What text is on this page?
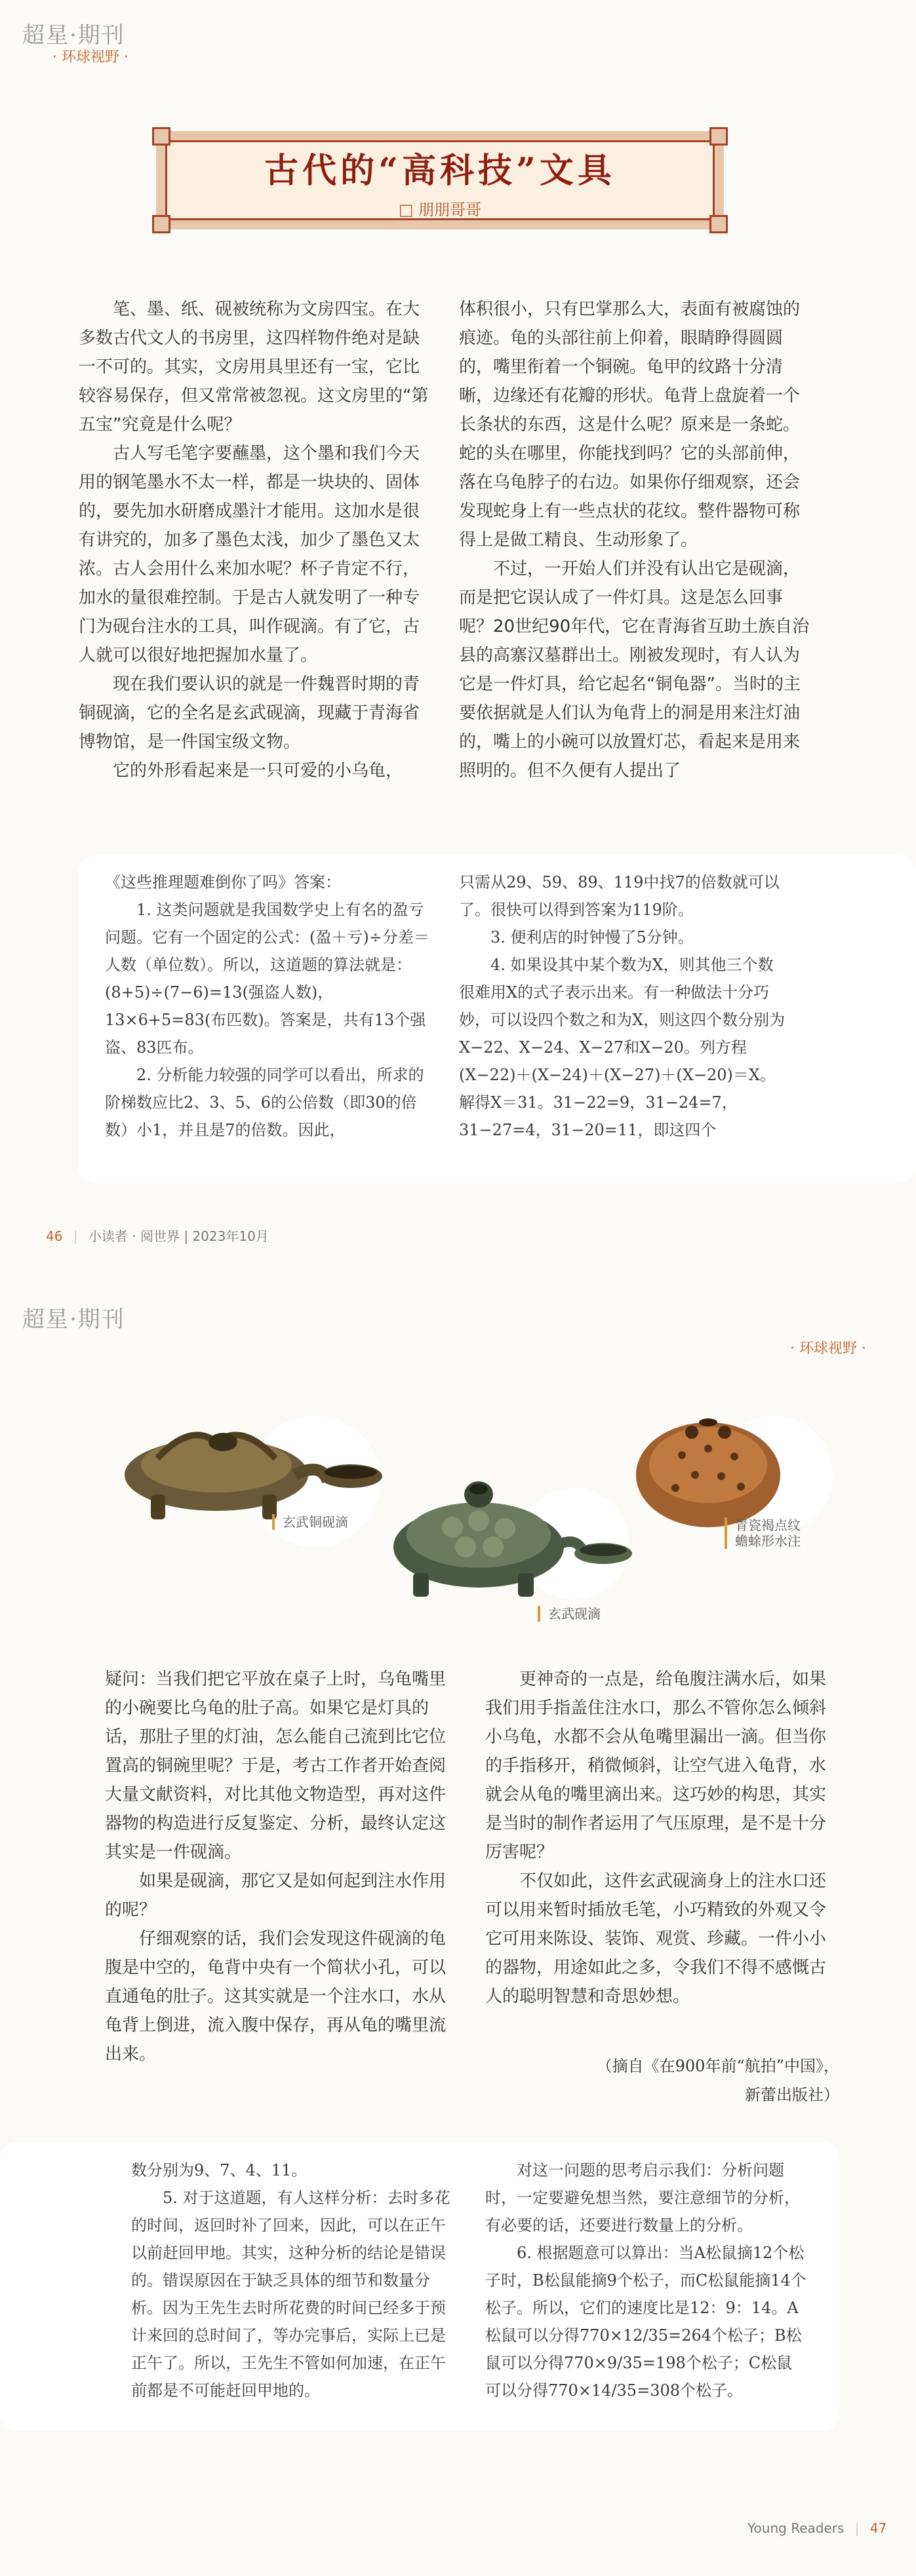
超星·期刊
· 环球视野 ·
古代的“高科技”文具
□ 朋朋哥哥

笔、墨、纸、砚被统称为文房四宝。在大多数古代文人的书房里，这四样物件绝对是缺一不可的。其实，文房用具里还有一宝，它比较容易保存，但又常常被忽视。这文房里的“第五宝”究竟是什么呢？

古人写毛笔字要蘸墨，这个墨和我们今天用的钢笔墨水不太一样，都是一块块的、固体的，要先加水研磨成墨汁才能用。这加水是很有讲究的，加多了墨色太浅，加少了墨色又太浓。古人会用什么来加水呢？杯子肯定不行，加水的量很难控制。于是古人就发明了一种专门为砚台注水的工具，叫作砚滴。有了它，古人就可以很好地把握加水量了。

现在我们要认识的就是一件魏晋时期的青铜砚滴，它的全名是玄武砚滴，现藏于青海省博物馆，是一件国宝级文物。

它的外形看起来是一只可爱的小乌龟，

体积很小，只有巴掌那么大，表面有被腐蚀的痕迹。龟的头部往前上仰着，眼睛睁得圆圆的，嘴里衔着一个铜碗。龟甲的纹路十分清晰，边缘还有花瓣的形状。龟背上盘旋着一个长条状的东西，这是什么呢？原来是一条蛇。蛇的头在哪里，你能找到吗？它的头部前伸，落在乌龟脖子的右边。如果你仔细观察，还会发现蛇身上有一些点状的花纹。整件器物可称得上是做工精良、生动形象了。

不过，一开始人们并没有认出它是砚滴，而是把它误认成了一件灯具。这是怎么回事呢？20世纪90年代，它在青海省互助土族自治县的高寨汉墓群出土。刚被发现时，有人认为它是一件灯具，给它起名“铜龟器”。当时的主要依据就是人们认为龟背上的洞是用来注灯油的，嘴上的小碗可以放置灯芯，看起来是用来照明的。但不久便有人提出了

《这些推理题难倒你了吗》答案：

1. 这类问题就是我国数学史上有名的盈亏问题。它有一个固定的公式：(盈＋亏)÷分差＝人数（单位数）。所以，这道题的算法就是：(8+5)÷(7−6)=13(强盗人数)，13×6+5=83(布匹数)。答案是，共有13个强盗、83匹布。

2. 分析能力较强的同学可以看出，所求的阶梯数应比2、3、5、6的公倍数（即30的倍数）小1，并且是7的倍数。因此，

只需从29、59、89、119中找7的倍数就可以了。很快可以得到答案为119阶。

3. 便利店的时钟慢了5分钟。

4. 如果设其中某个数为X，则其他三个数很难用X的式子表示出来。有一种做法十分巧妙，可以设四个数之和为X，则这四个数分别为X−22、X−24、X−27和X−20。列方程(X−22)＋(X−24)＋(X−27)＋(X−20)＝X。解得X＝31。31−22=9，31−24=7，31−27=4，31−20=11，即这四个

46 | 小读者 · 阅世界 | 2023年10月
超星·期刊
· 环球视野 ·
玄武铜砚滴
玄武砚滴
青瓷褐点纹
蟾蜍形水注

疑问：当我们把它平放在桌子上时，乌龟嘴里的小碗要比乌龟的肚子高。如果它是灯具的话，那肚子里的灯油，怎么能自己流到比它位置高的铜碗里呢？于是，考古工作者开始查阅大量文献资料，对比其他文物造型，再对这件器物的构造进行反复鉴定、分析，最终认定这其实是一件砚滴。

如果是砚滴，那它又是如何起到注水作用的呢？

仔细观察的话，我们会发现这件砚滴的龟腹是中空的，龟背中央有一个简状小孔，可以直通龟的肚子。这其实就是一个注水口，水从龟背上倒进，流入腹中保存，再从龟的嘴里流出来。

更神奇的一点是，给龟腹注满水后，如果我们用手指盖住注水口，那么不管你怎么倾斜小乌龟，水都不会从龟嘴里漏出一滴。但当你的手指移开，稍微倾斜，让空气进入龟背，水就会从龟的嘴里滴出来。这巧妙的构思，其实是当时的制作者运用了气压原理，是不是十分厉害呢？

不仅如此，这件玄武砚滴身上的注水口还可以用来暂时插放毛笔，小巧精致的外观又令它可用来陈设、装饰、观赏、珍藏。一件小小的器物，用途如此之多，令我们不得不感慨古人的聪明智慧和奇思妙想。

（摘自《在900年前“航拍”中国》，
新蕾出版社）

数分别为9、7、4、11。

5. 对于这道题，有人这样分析：去时多花的时间，返回时补了回来，因此，可以在正午以前赶回甲地。其实，这种分析的结论是错误的。错误原因在于缺乏具体的细节和数量分析。因为王先生去时所花费的时间已经多于预计来回的总时间了，等办完事后，实际上已是正午了。所以，王先生不管如何加速，在正午前都是不可能赶回甲地的。

对这一问题的思考启示我们：分析问题时，一定要避免想当然，要注意细节的分析，有必要的话，还要进行数量上的分析。

6. 根据题意可以算出：当A松鼠摘12个松子时，B松鼠能摘9个松子，而C松鼠能摘14个松子。所以，它们的速度比是12：9：14。A松鼠可以分得770×12/35=264个松子；B松鼠可以分得770×9/35=198个松子；C松鼠可以分得770×14/35=308个松子。

Young Readers | 47
